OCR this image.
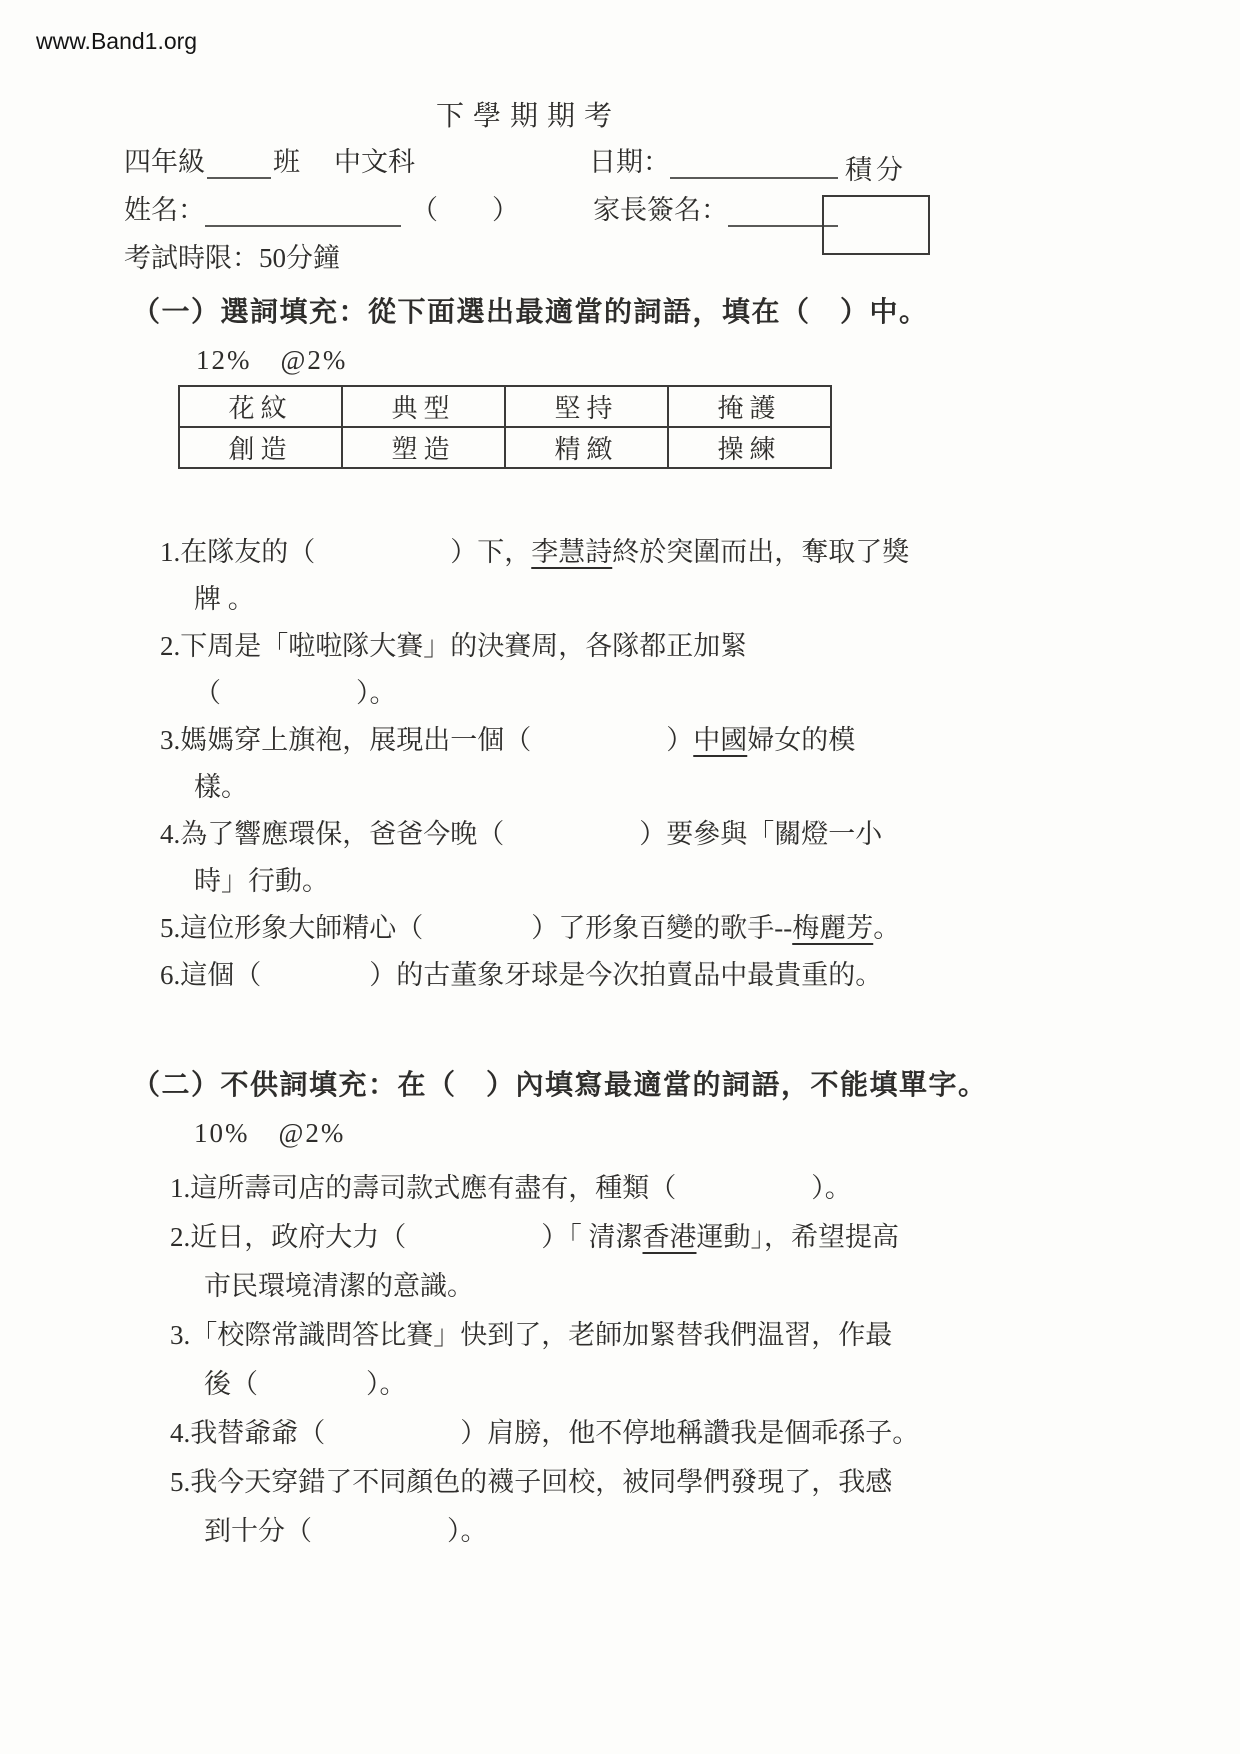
www.Band1.org
下學期期考
四年級	班 中文科	日期：
姓名：	（　　）	家長簽名：
考試時限：50分鐘
積分
（一）選詞填充：從下面選出最適當的詞語，填在（　）中。
12%　@2%
花紋	典型	堅持	掩護
創造	塑造	精緻	操練
1.在隊友的（　　　　　）下，李慧詩終於突圍而出，奪取了獎
牌 。
2.下周是「啦啦隊大賽」的決賽周，各隊都正加緊
（　　　　　）。
3.媽媽穿上旗袍，展現出一個（　　　　　）中國婦女的模
樣。
4.為了響應環保，爸爸今晚（　　　　　）要參與「關燈一小
時」行動。
5.這位形象大師精心（　　　　）了形象百變的歌手--梅麗芳。
6.這個（　　　　）的古董象牙球是今次拍賣品中最貴重的。
（二）不供詞填充：在（　）內填寫最適當的詞語，不能填單字。
10%　@2%
1.這所壽司店的壽司款式應有盡有，種類（　　　　　）。
2.近日，政府大力（　　　　　）「 清潔香港運動」，希望提高
市民環境清潔的意識。
3.「校際常識問答比賽」快到了，老師加緊替我們温習，作最
後（　　　　）。
4.我替爺爺（　　　　　）肩膀，他不停地稱讚我是個乖孫子。
5.我今天穿錯了不同顏色的襪子回校，被同學們發現了，我感
到十分（　　　　　）。
